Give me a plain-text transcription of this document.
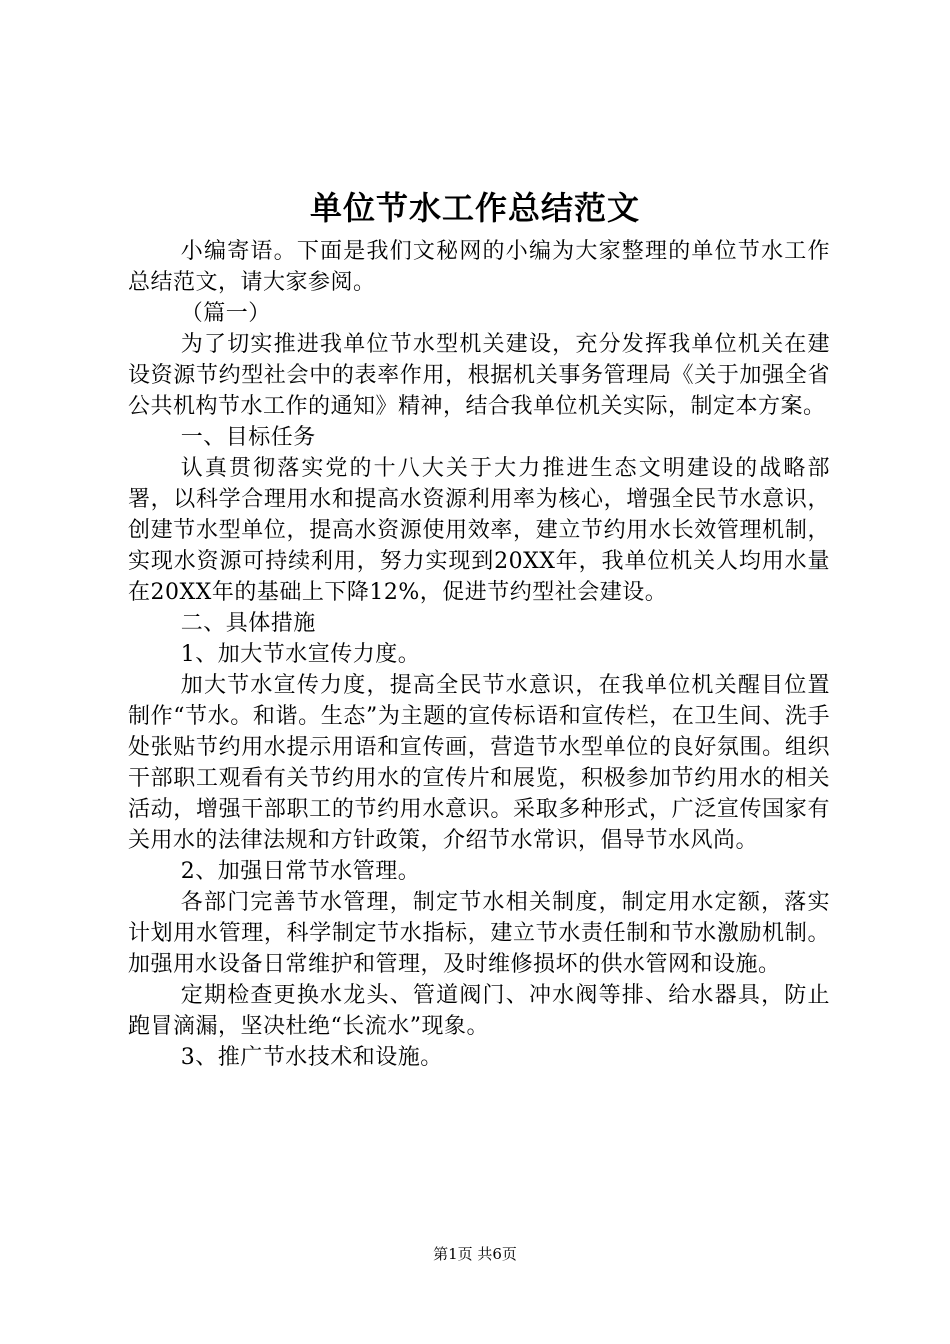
单位节水工作总结范文

小编寄语。下面是我们文秘网的小编为大家整理的单位节水工作总结范文，请大家参阅。

（篇一）

为了切实推进我单位节水型机关建设，充分发挥我单位机关在建设资源节约型社会中的表率作用，根据机关事务管理局《关于加强全省公共机构节水工作的通知》精神，结合我单位机关实际，制定本方案。

一、目标任务

认真贯彻落实党的十八大关于大力推进生态文明建设的战略部署，以科学合理用水和提高水资源利用率为核心，增强全民节水意识，创建节水型单位，提高水资源使用效率，建立节约用水长效管理机制，实现水资源可持续利用，努力实现到20XX年，我单位机关人均用水量在20XX年的基础上下降12%，促进节约型社会建设。

二、具体措施

1、加大节水宣传力度。

加大节水宣传力度，提高全民节水意识，在我单位机关醒目位置制作“节水。和谐。生态”为主题的宣传标语和宣传栏，在卫生间、洗手处张贴节约用水提示用语和宣传画，营造节水型单位的良好氛围。组织干部职工观看有关节约用水的宣传片和展览，积极参加节约用水的相关活动，增强干部职工的节约用水意识。采取多种形式，广泛宣传国家有关用水的法律法规和方针政策，介绍节水常识，倡导节水风尚。

2、加强日常节水管理。

各部门完善节水管理，制定节水相关制度，制定用水定额，落实计划用水管理，科学制定节水指标，建立节水责任制和节水激励机制。加强用水设备日常维护和管理，及时维修损坏的供水管网和设施。

定期检查更换水龙头、管道阀门、冲水阀等排、给水器具，防止跑冒滴漏，坚决杜绝“长流水”现象。

3、推广节水技术和设施。

第1页 共6页
